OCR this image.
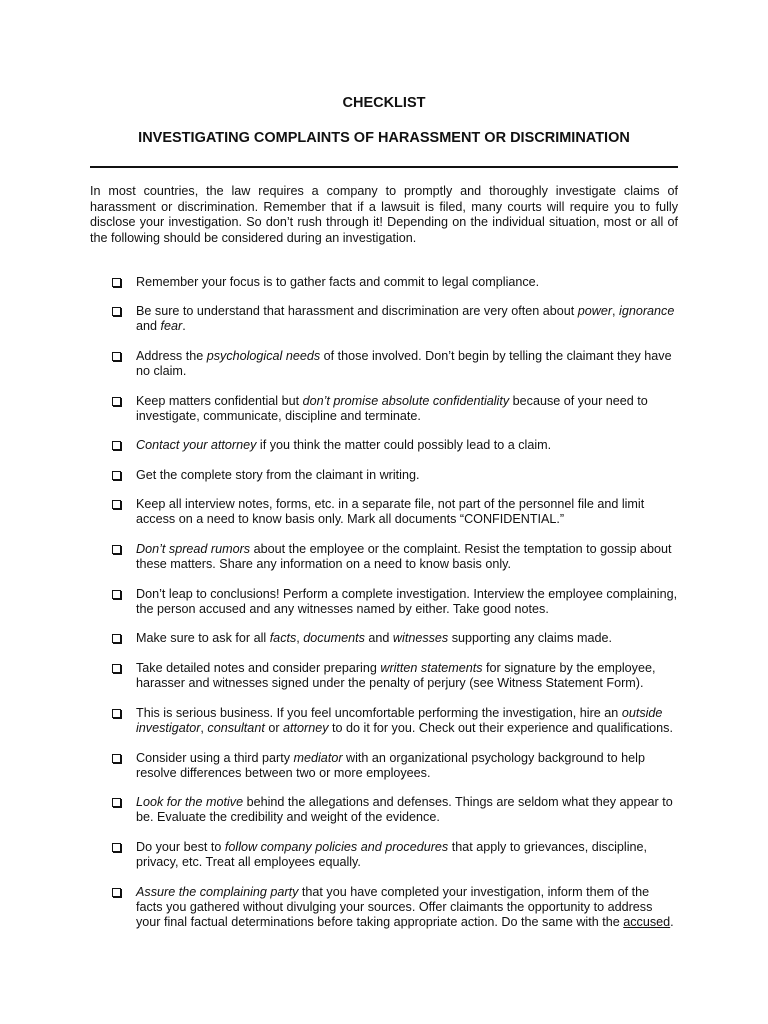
CHECKLIST
INVESTIGATING COMPLAINTS OF HARASSMENT OR DISCRIMINATION

In most countries, the law requires a company to promptly and thoroughly investigate claims of harassment or discrimination. Remember that if a lawsuit is filed, many courts will require you to fully disclose your investigation. So don’t rush through it! Depending on the individual situation, most or all of the following should be considered during an investigation.

Remember your focus is to gather facts and commit to legal compliance.
Be sure to understand that harassment and discrimination are very often about power, ignorance and fear.
Address the psychological needs of those involved. Don’t begin by telling the claimant they have no claim.
Keep matters confidential but don’t promise absolute confidentiality because of your need to investigate, communicate, discipline and terminate.
Contact your attorney if you think the matter could possibly lead to a claim.
Get the complete story from the claimant in writing.
Keep all interview notes, forms, etc. in a separate file, not part of the personnel file and limit access on a need to know basis only. Mark all documents “CONFIDENTIAL.”
Don’t spread rumors about the employee or the complaint. Resist the temptation to gossip about these matters. Share any information on a need to know basis only.
Don’t leap to conclusions! Perform a complete investigation. Interview the employee complaining, the person accused and any witnesses named by either. Take good notes.
Make sure to ask for all facts, documents and witnesses supporting any claims made.
Take detailed notes and consider preparing written statements for signature by the employee, harasser and witnesses signed under the penalty of perjury (see Witness Statement Form).
This is serious business. If you feel uncomfortable performing the investigation, hire an outside investigator, consultant or attorney to do it for you. Check out their experience and qualifications.
Consider using a third party mediator with an organizational psychology background to help resolve differences between two or more employees.
Look for the motive behind the allegations and defenses. Things are seldom what they appear to be. Evaluate the credibility and weight of the evidence.
Do your best to follow company policies and procedures that apply to grievances, discipline, privacy, etc. Treat all employees equally.
Assure the complaining party that you have completed your investigation, inform them of the facts you gathered without divulging your sources. Offer claimants the opportunity to address your final factual determinations before taking appropriate action. Do the same with the accused.
